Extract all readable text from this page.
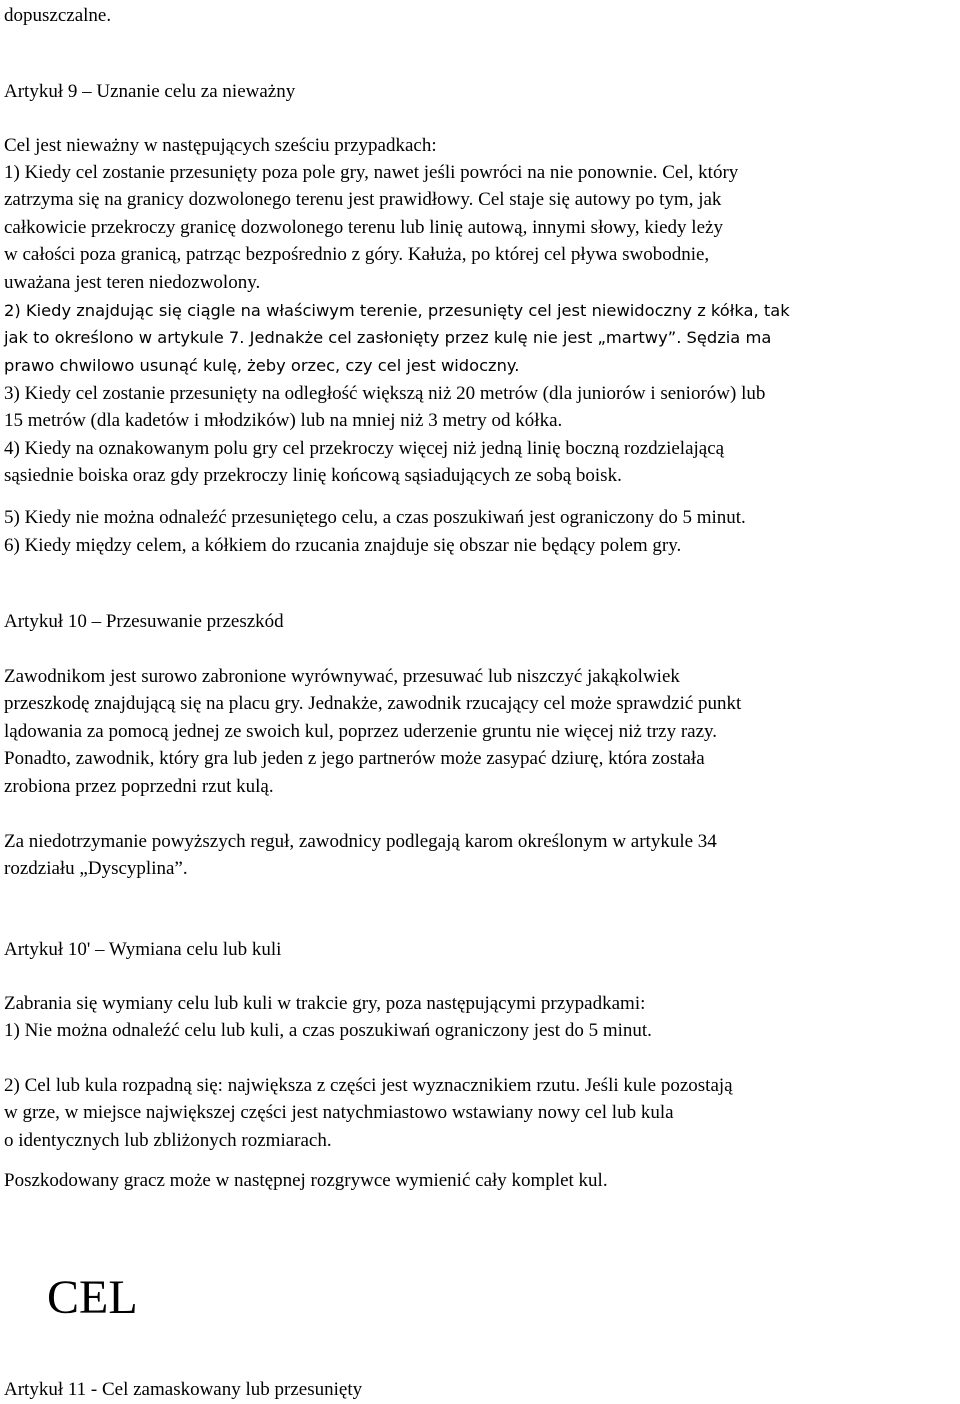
dopuszczalne.
Artykuł 9 – Uznanie celu za nieważny
Cel jest nieważny w następujących sześciu przypadkach:
1) Kiedy cel zostanie przesunięty poza pole gry, nawet jeśli powróci na nie ponownie. Cel, który
zatrzyma się na granicy dozwolonego terenu jest prawidłowy. Cel staje się autowy po tym, jak
całkowicie przekroczy granicę dozwolonego terenu lub linię autową, innymi słowy, kiedy leży
w całości poza granicą, patrząc bezpośrednio z góry. Kałuża, po której cel pływa swobodnie,
uważana jest teren niedozwolony.
2) Kiedy znajdując się ciągle na właściwym terenie, przesunięty cel jest niewidoczny z kółka, tak
jak to określono w artykule 7. Jednakże cel zasłonięty przez kulę nie jest „martwy”. Sędzia ma
prawo chwilowo usunąć kulę, żeby orzec, czy cel jest widoczny.
3) Kiedy cel zostanie przesunięty na odległość większą niż 20 metrów (dla juniorów i seniorów) lub
15 metrów (dla kadetów i młodzików) lub na mniej niż 3 metry od kółka.
4) Kiedy na oznakowanym polu gry cel przekroczy więcej niż jedną linię boczną rozdzielającą
sąsiednie boiska oraz gdy przekroczy linię końcową sąsiadujących ze sobą boisk.
5) Kiedy nie można odnaleźć przesuniętego celu, a czas poszukiwań jest ograniczony do 5 minut.
6) Kiedy między celem, a kółkiem do rzucania znajduje się obszar nie będący polem gry.
Artykuł 10 – Przesuwanie przeszkód
Zawodnikom jest surowo zabronione wyrównywać, przesuwać lub niszczyć jakąkolwiek
przeszkodę znajdującą się na placu gry. Jednakże, zawodnik rzucający cel może sprawdzić punkt
lądowania za pomocą jednej ze swoich kul, poprzez uderzenie gruntu nie więcej niż trzy razy.
Ponadto, zawodnik, który gra lub jeden z jego partnerów może zasypać dziurę, która została
zrobiona przez poprzedni rzut kulą.
Za niedotrzymanie powyższych reguł, zawodnicy podlegają karom określonym w artykule 34
rozdziału „Dyscyplina”.
Artykuł 10' – Wymiana celu lub kuli
Zabrania się wymiany celu lub kuli w trakcie gry, poza następującymi przypadkami:
1) Nie można odnaleźć celu lub kuli, a czas poszukiwań ograniczony jest do 5 minut.
2) Cel lub kula rozpadną się: największa z części jest wyznacznikiem rzutu. Jeśli kule pozostają
w grze, w miejsce największej części jest natychmiastowo wstawiany nowy cel lub kula
o identycznych lub zbliżonych rozmiarach.
Poszkodowany gracz może w następnej rozgrywce wymienić cały komplet kul.
CEL
Artykuł 11 - Cel zamaskowany lub przesunięty
